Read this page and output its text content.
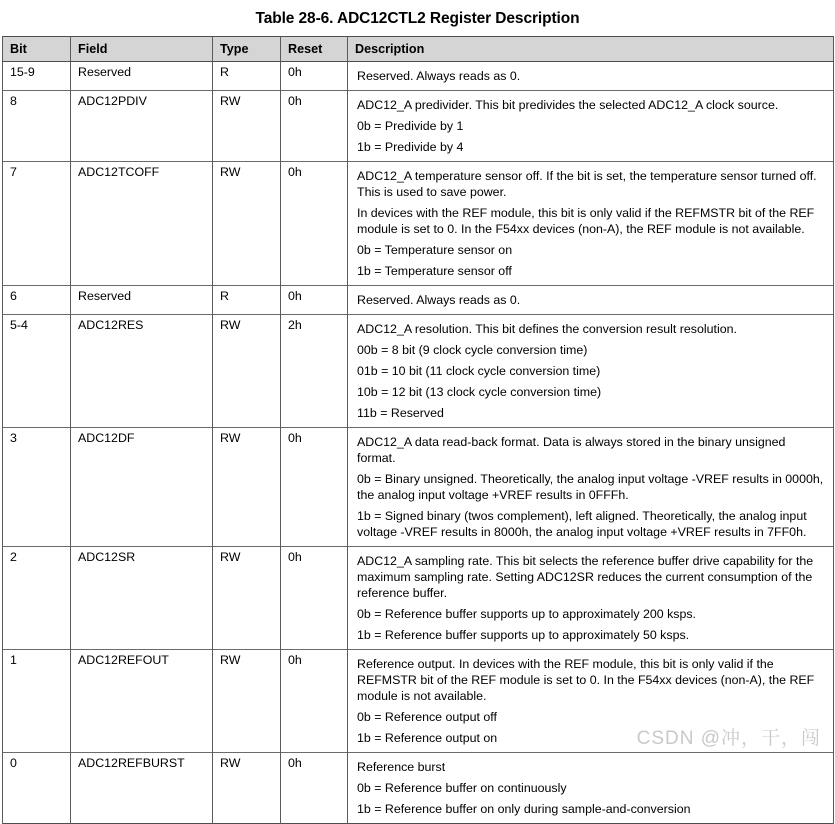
Table 28-6. ADC12CTL2 Register Description
Bit	Field	Type	Reset	Description
15-9	Reserved	R	0h	Reserved. Always reads as 0.

8	ADC12PDIV	RW	0h	ADC12_A predivider. This bit predivides the selected ADC12_A clock source.

0b = Predivide by 1

1b = Predivide by 4

7	ADC12TCOFF	RW	0h	ADC12_A temperature sensor off. If the bit is set, the temperature sensor turned off. This is used to save power.

In devices with the REF module, this bit is only valid if the REFMSTR bit of the REF module is set to 0. In the F54xx devices (non-A), the REF module is not available.

0b = Temperature sensor on

1b = Temperature sensor off

6	Reserved	R	0h	Reserved. Always reads as 0.

5-4	ADC12RES	RW	2h	ADC12_A resolution. This bit defines the conversion result resolution.

00b = 8 bit (9 clock cycle conversion time)

01b = 10 bit (11 clock cycle conversion time)

10b = 12 bit (13 clock cycle conversion time)

11b = Reserved

3	ADC12DF	RW	0h	ADC12_A data read-back format. Data is always stored in the binary unsigned format.

0b = Binary unsigned. Theoretically, the analog input voltage -VREF results in 0000h, the analog input voltage +VREF results in 0FFFh.

1b = Signed binary (twos complement), left aligned. Theoretically, the analog input voltage -VREF results in 8000h, the analog input voltage +VREF results in 7FF0h.

2	ADC12SR	RW	0h	ADC12_A sampling rate. This bit selects the reference buffer drive capability for the maximum sampling rate. Setting ADC12SR reduces the current consumption of the reference buffer.

0b = Reference buffer supports up to approximately 200 ksps.

1b = Reference buffer supports up to approximately 50 ksps.

1	ADC12REFOUT	RW	0h	Reference output. In devices with the REF module, this bit is only valid if the REFMSTR bit of the REF module is set to 0. In the F54xx devices (non-A), the REF module is not available.

0b = Reference output off

1b = Reference output on

0	ADC12REFBURST	RW	0h	Reference burst

0b = Reference buffer on continuously

1b = Reference buffer on only during sample-and-conversion

CSDN @冲，干，闯
